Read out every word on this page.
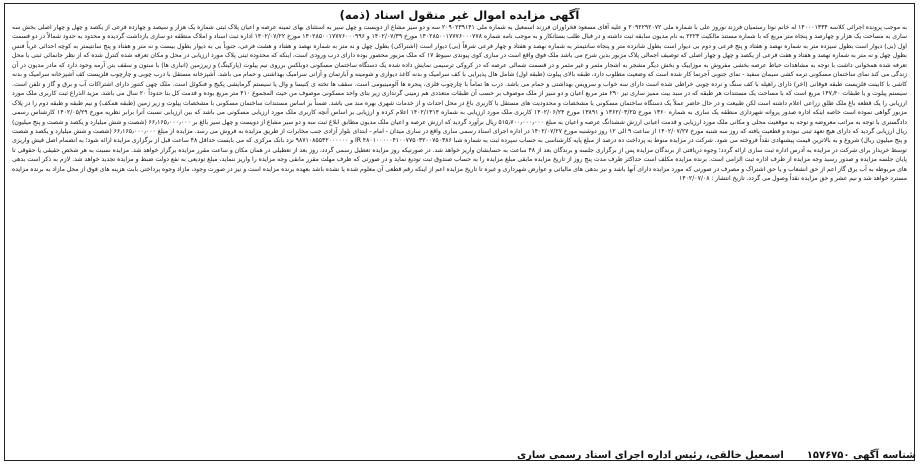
آگهی مزایده اموال غیر منقول اسناد (ذمه)

به موجب پرونده اجرائی کلاسه ۱۴۰۰۰۱۳۳۴ له خانم نوتا رستمیان فرزند نوروز علی با شماره ملی ۲۰۹۲۲۹۲۰۷۲ و علیه آقای مسعود فخراوران فرزند اسمعیل به شماره ملی ۲۰۹۰۲۳۹۱۴۱ سه و دو سیر مشاع از دویست و چهل سیر به استثنای بهای ثمینه عرصه و اعیان پلاک ثبتی شماره یک هزار و سیصد و چهارده فرعی از یکصد و چهل و چهار اصلی بخش سه ساری به مساحت یک هزار و چهارصد و پنجاه متر مربع که با شماره مستند مالکیت ۲۲۲۳ به نام مدیون سابقه ثبت داشته و در قبال طلب بستانکار و به موجب نامه شماره ۱۴۰۲۸۵۰۰۱۷۷۷۶۰۰۰۷۷۸ مورخ ۱۴۰۲/۰۷/۳۹ و ۱۴۰۲۸۵۰۰۱۷۷۷۶۰۰۰۹۹۶ مورخ ۱۴۰۲/۰۷/۲۲ اداره ثبت اسناد و املاک منطقه دو ساری بازداشت گردیده و محدود به حدود شمالاً در دو قسمت اول (بی) دیوار است بطول سیزده متر به شماره نهصد و هفتاد و پنج فرعی و دوم بی دیوار است بطول شانزده متر و پنجاه سانتیمتر به شماره نهصد و هفتاد و چهار فرعی شرقاً (بی) دیوار است (اشتراکی) بطول چهل و نه متر به شماره نهصد و هفتاد و هشت فرعی، جنوباً بی به دیوار بطول بیست و نه متر و هفتاد و پنج سانتیمتر به کوچه احداثی غرباً فنس بطول چهل و نه متر به شماره نهصد و هفتاد و هفت فرعی از یکصد و چهل و چهار اصلی که توصیف اجمالی پلاک مزبور بدین شرح می باشد ملک فوق واقع است در ساری کوی پیوندی سیوط ۱۷ که ملک مزبور محصور بوده دارای درب ورودی است، اینکه که محدوده ثبتی پلاک مورد ارزیابی در محل و مکان تعرفه شده کنترل شده که از نظر جانمائی ثبتی با محل تعرفه شده همخوانی داشت با توجه به مشاهدات حیاط عرصه بخشی مفروش به موزاییک و بخش دیگر مشجر به اشجار مثمر و غیر مثمر و در قسمت شمالی عرصه که در کروکی ترسیمی نمایش داده شده یک دستگاه ساختمان مسکونی دوبلکس برروی نیم پیلوت (پارکینگ) و زیرزمین (انباری ها) با ستون و سقف بتن آرمه وجود دارد که مادر مدیون در آن زندگی می کند نمای ساختمان مسکونی ترمه کشی سیمان سفید - نمای جنوبی آجرنما کار شده است که وضعیت مطلوب دارد، طبقه بالای پیلوت (طبقه اول) شامل هال پذیرایی با کف سرامیک و بدنه کاغذ دیواری و شومینه و آبارتمان و آزانی سرامیک بهداشتی و حمام می باشد. آشپزخانه مستقل با درب چوبی و چارچوب فلزیست کف آشپزخانه سرامیک و بدنه کاشی با کابینت فلزیست طبقه فوقانی (اخر) دارای راهپله با کف سنگ و نرده چوبی خراطی شده است دارای سه خواب و سرویس بهداشتی و حمام می باشد. درب ها تماماً با چارچوب فلزی، پنجره ها آلومینیومی است. سقف ها تخته ی کنیسا و وال یا سیستم گرمایشی پکیج و فنکوئل است. ملک چهی کنتور دارای اشتراکات آب و برق و گاز و تلفن است. سیستم پیلوت و یا طبقات ۱۴۷٫۴۰ مربع است که با مساحت یک مستندات هر طبقه که در سبد بیت ممیز ساری نیز ۲۹۰ متر مربع اعیان و دو سیر از ملک موصوف بر حسب آن طبقات متعددی هم زمینی گرنداری زیر بنای واحد مسکونی موصوف من حیث المجموع ۴۱۰ متر مربع بوده و قدمت کل بنا حدوداً ۲۰ سال می باشد. مزید الذراع ثبت کاربری ملک مورد ارزیابی را یک قطعه باغ ملک طلق زراعی اعلام داشته است لکن طبیعت و در حال حاضر عملاً یک دستگاه ساختمان مسکونی با مشخصات و محدودیت های مستقل با کاربری باغ در محل احداث و از خدمات شهری بهره مند می باشد. ضمناً بر اساس مستندات ساختمان مسکونی با مشخصات پیلوت و زیر زمین (طبقه همکف) و نیم طبقه و طبقه دوم را در پلاک مزبور گواهی نموده است خاصه اینکه اداره صدور پروانه شهرداری منطقه یک ساری به شماره ۱۳۶۰ مورخ ۱۳۶۲/۰۳/۲۵ و ۱۳۸۹۱ مورخ ۱۴۰۲/۰۶/۲۴ کاربری ملک مورد ارزیابی به شماره ۱۴۰۲/۱۳۱۴ اعلام کرده و ارزیابی بر اساس آنچه کاربری ملک مورد ارزیابی مسکونی می باشد که بین ارزیابی نسبت آنرا برابر نظریه مورخ ۱۴۰۲/۰۵/۲۹ کارشناس رسمی دادگستری با توجه به مراتب معروضه و توجه به موقعیت محلی و مکانی ملک مورد ارزیابی و قدمت اعیانی ارزش ششدانگ عرصه و اعیان به مبلغ ۵۱۵٫۷۰۰٫۰۰۰٫۰۰۰ ریال برآورد گردید که ارزش عرصه و اعیان ملک مدیون مطابق ابلاغ ثبت سه و دو سیر مشاع از دویست و چهل سیر بالغ بر ۶۶٫۱۶۵٫۰۰۰٫۰۰۰ (شصت و شش میلیارد و یکصد و شصت و پنج میلیون) ریال ارزیابی گردید که دارای هیچ تعهد ثبتی نبوده و قطعیت یافته که روز سه شنبه مورخ ۱۴۰۲/۰۷/۲۷ از ساعت ۹ الی ۱۲ روز دوشنبه مورخ ۱۴۰۲/۰۷/۲۷ در اداره اجرای اسناد رسمی ساری واقع در ساری میدان - امام - ابتدای بلوار آزادی جنب مخابرات از طریق مزایده به فروش می رسد. مزایده از مبلغ ۶۶٫۱۶۵٫۰۰۰٫۰۰۰ (شصت و شش میلیارد و یکصد و شصت و پنج میلیون ریال) شروع و به بالاترین قیمت پیشنهادی نقداً فروخته می شود. شرکت در مزایده منوط به پرداخت ده درصد از مبلغ پایه کارشناسی به حساب سپرده ثبت به شماره شبا IR ۴۸۰۱۰۰۰۰۰۴۱۰۰۷۷۵۰۳۲۰۰۷۵۰۳۸۶ و ۹۸۷۱۰۸۵۵۳۲۰۰۰۰۰۰ نزد بانک مرکزی که می بایست حداقل ۴۸ ساعت قبل از برگزاری مزایده ارائه شود؛ به انضمام اصل فیش واریزی توسط خریدار برای شرکت در مزایده به آدرس اداره ثبت ساری ارائه گردد؛ وجوه دریافتی از برندگان مزایده پس از برگزاری جلسه و برندگان بعد از ۴۸ ساعت به حسابشان واریز خواهد شد. در صورتیکه روز مزایده تعطیل رسمی گردد، روز بعد از تعطیلی در همان مکان و ساعت مقرر مزایده برگزار خواهد شد. مزایده نسبت به هر شخص حقیقی یا حقوقی تا پایان جلسه مزایده و صدور رسید وجه مزایده از طرف اداره ثبت الزامی است. برنده مزایده مکلف است حداکثر ظرف مدت پنج روز از تاریخ مزایده مابقی مبلغ مزایده را به حساب صندوق ثبت تودیع نماید و در صورتی که ظرف مهلت مقرر مابقی وجه مزایده را واریز ننماید، مبلغ تودیعی به نفع دولت ضبط و مزایده تجدید خواهد شد. لازم به ذکر است بدهی های مربوطه به آب برق گاز اعم از حق انشعاب و یا حق اشتراک و مصرف در صورتی که مورد مزایده دارای آنها باشد و نیز بدهی های مالیاتی و عوارض شهرداری و غیره تا تاریخ مزایده اعم از اینکه رقم قطعی آن معلوم شده یا نشده باشد بعهده برنده مزایده است و نیز در صورت وجود، مازاد وجوه پرداختی بابت هزینه های فوق از محل مازاد به برنده مزایده مسترد خواهد شد و نیم عشر و حق مزایده نقداً وصول می گردد. تاریخ انتشار : ۱۴۰۲/۰۷/۰۸

شناسه آگهی ۱۵۷۶۷۵۰  اسمعیل خالقی، رئیس اداره اجرای اسناد رسمی ساری
